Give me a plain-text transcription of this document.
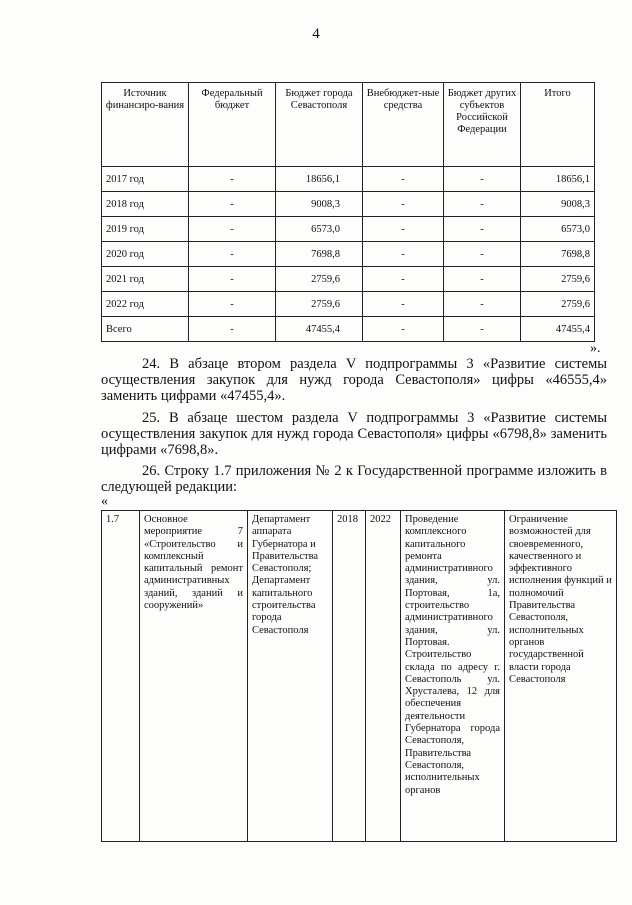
4
Источник финансиро-вания	Федеральный бюджет	Бюджет города Севастополя	Внебюджет-ные средства	Бюджет других субъектов Российской Федерации	Итого
2017 год	-	18656,1	-	-	18656,1
2018 год	-	9008,3	-	-	9008,3
2019 год	-	6573,0	-	-	6573,0
2020 год	-	7698,8	-	-	7698,8
2021 год	-	2759,6	-	-	2759,6
2022 год	-	2759,6	-	-	2759,6
Всего	-	47455,4	-	-	47455,4
».

24. В абзаце втором раздела V подпрограммы 3 «Развитие системы осуществления закупок для нужд города Севастополя» цифры «46555,4» заменить цифрами «47455,4».

25. В абзаце шестом раздела V подпрограммы 3 «Развитие системы осуществления закупок для нужд города Севастополя» цифры «6798,8» заменить цифрами «7698,8».

26. Строку 1.7 приложения № 2 к Государственной программе изложить в следующей редакции:

«
1.7	Основное мероприятие 7 «Строительство и комплексный капитальный ремонт административных зданий, зданий и сооружений»	Департамент аппарата Губернатора и Правительства Севастополя; Департамент капитального строительства города Севастополя	2018	2022	Проведение комплексного капитального ремонта административного здания, ул. Портовая, 1а, строительство административного здания, ул. Портовая. Строительство склада по адресу г. Севастополь ул. Хрусталева, 12 для обеспечения деятельности Губернатора города Севастополя, Правительства Севастополя, исполнительных органов	Ограничение возможностей для своевременного, качественного и эффективного исполнения функций и полномочий Правительства Севастополя, исполнительных органов государственной власти города Севастополя
